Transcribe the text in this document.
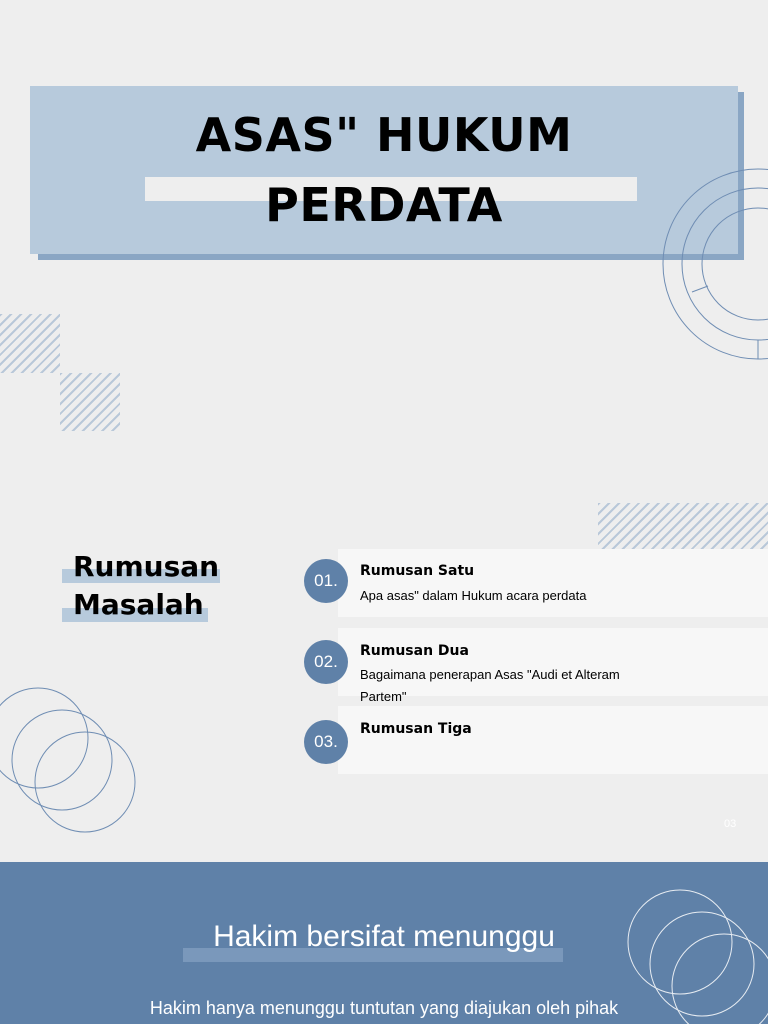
ASAS" HUKUM
PERDATA
Rumusan
Masalah
01.	Rumusan Satu
Apa asas" dalam Hukum acara perdata
02.
Rumusan Dua
Bagaimana penerapan Asas "Audi et Alteram Partem"
03.
Rumusan Tiga
03
Hakim bersifat menunggu
Hakim hanya menunggu tuntutan yang diajukan oleh pihak
